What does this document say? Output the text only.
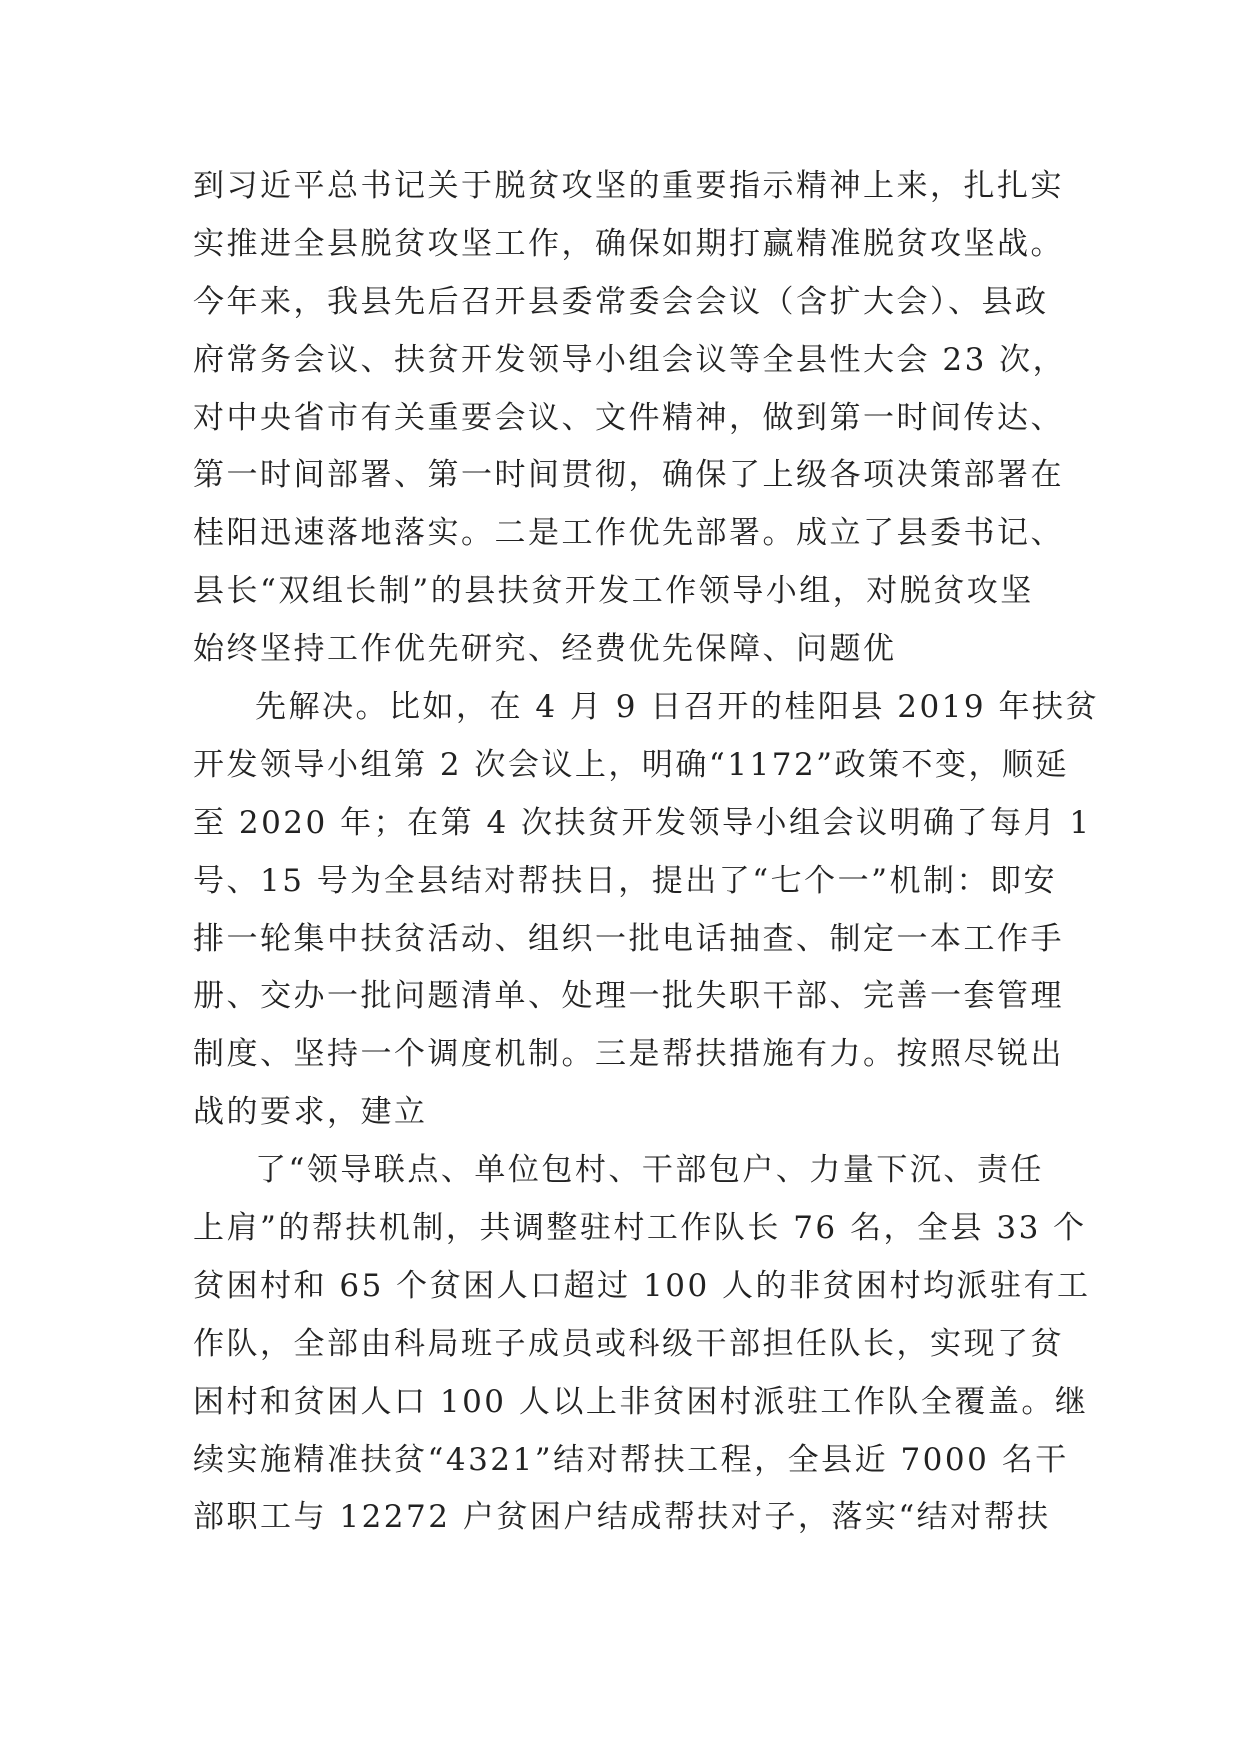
到习近平总书记关于脱贫攻坚的重要指示精神上来，扎扎实
实推进全县脱贫攻坚工作，确保如期打赢精准脱贫攻坚战。
今年来，我县先后召开县委常委会会议（含扩大会）、县政
府常务会议、扶贫开发领导小组会议等全县性大会 23 次，
对中央省市有关重要会议、文件精神，做到第一时间传达、
第一时间部署、第一时间贯彻，确保了上级各项决策部署在
桂阳迅速落地落实。二是工作优先部署。成立了县委书记、
县长“双组长制”的县扶贫开发工作领导小组，对脱贫攻坚
始终坚持工作优先研究、经费优先保障、问题优
先解决。比如，在 4 月 9 日召开的桂阳县 2019 年扶贫
开发领导小组第 2 次会议上，明确“1172”政策不变，顺延
至 2020 年；在第 4 次扶贫开发领导小组会议明确了每月 1
号、15 号为全县结对帮扶日，提出了“七个一”机制：即安
排一轮集中扶贫活动、组织一批电话抽查、制定一本工作手
册、交办一批问题清单、处理一批失职干部、完善一套管理
制度、坚持一个调度机制。三是帮扶措施有力。按照尽锐出
战的要求，建立
了“领导联点、单位包村、干部包户、力量下沉、责任
上肩”的帮扶机制，共调整驻村工作队长 76 名，全县 33 个
贫困村和 65 个贫困人口超过 100 人的非贫困村均派驻有工
作队，全部由科局班子成员或科级干部担任队长，实现了贫
困村和贫困人口 100 人以上非贫困村派驻工作队全覆盖。继
续实施精准扶贫“4321”结对帮扶工程，全县近 7000 名干
部职工与 12272 户贫困户结成帮扶对子，落实“结对帮扶
